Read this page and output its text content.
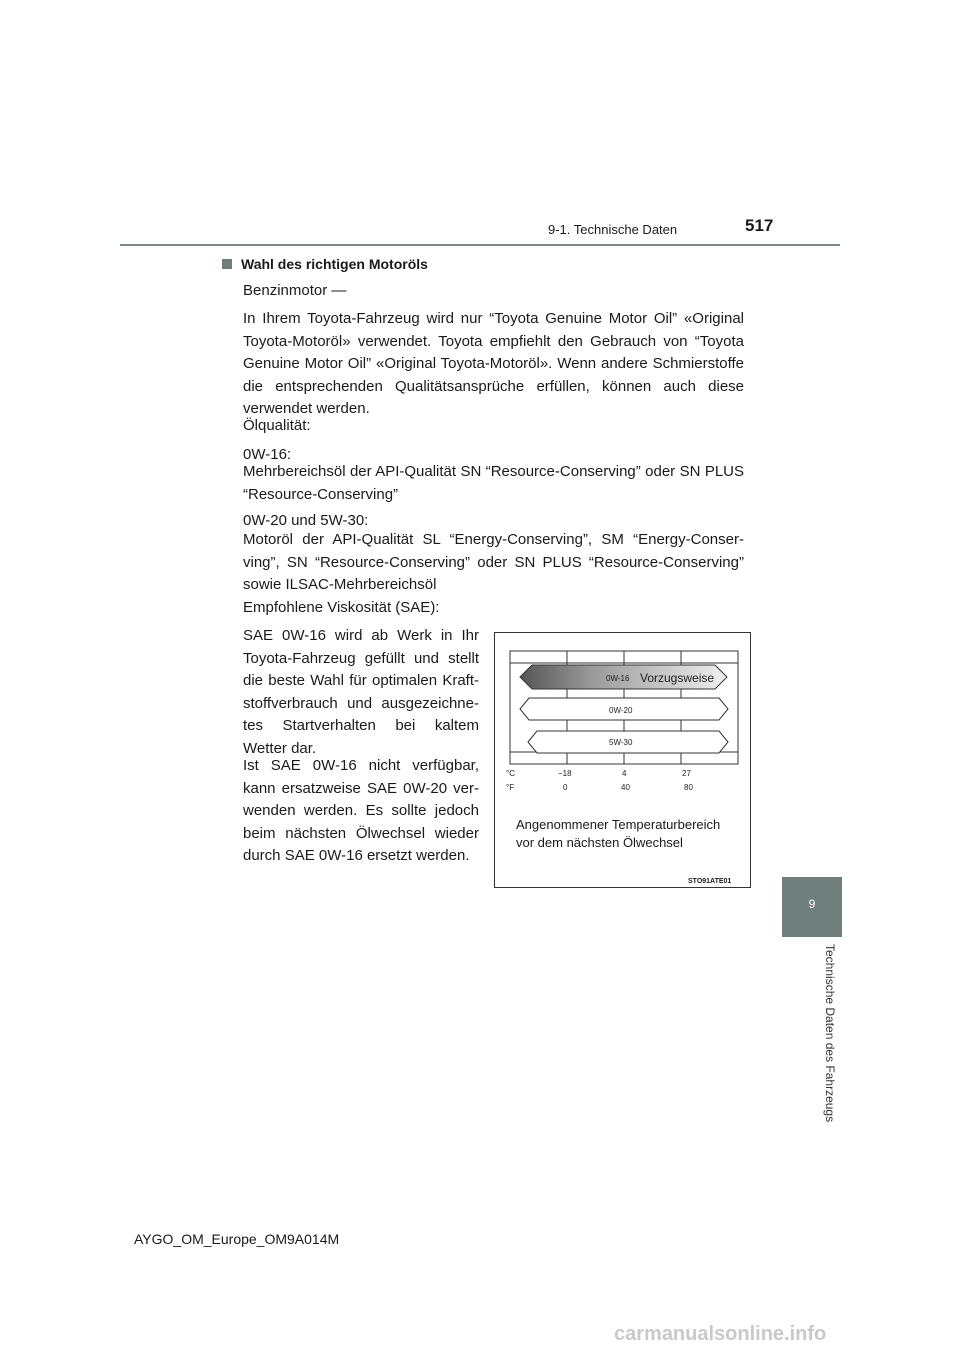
9-1. Technische Daten	517
9
Technische Daten des Fahrzeugs
Wahl des richtigen Motoröls

Benzinmotor —

In Ihrem Toyota-Fahrzeug wird nur “Toyota Genuine Motor Oil” «Original Toyota-Motoröl» verwendet. Toyota empfiehlt den Gebrauch von “Toyota Genuine Motor Oil” «Original Toyota-Motoröl». Wenn andere Schmierstoffe die entsprechenden Qualitätsansprüche erfüllen, können auch diese verwendet werden.

Ölqualität:

0W-16:

Mehrbereichsöl der API-Qualität SN “Resource-Conserving” oder SN PLUS “Resource-Conserving”

0W-20 und 5W-30:

Motoröl der API-Qualität SL “Energy-Conserving”, SM “Energy-Conserving”, SN “Resource-Conserving” oder SN PLUS “Resource-Conserving” sowie ILSAC-Mehrbereichsöl

Empfohlene Viskosität (SAE):

SAE 0W-16 wird ab Werk in Ihr Toyota-Fahrzeug gefüllt und stellt die beste Wahl für optimalen Kraftstoffverbrauch und ausgezeichnetes Startverhalten bei kaltem Wetter dar.

Ist SAE 0W-16 nicht verfügbar, kann ersatzweise SAE 0W-20 verwenden werden. Es sollte jedoch beim nächsten Ölwechsel wieder durch SAE 0W-16 ersetzt werden.

0W-16 Vorzugsweise
0W-20
5W-30
°C	−18	4	27
°F	0	40	80
Angenommener Temperaturbereich
vor dem nächsten Ölwechsel
STO91ATE01
AYGO_OM_Europe_OM9A014M
carmanualsonline.info
